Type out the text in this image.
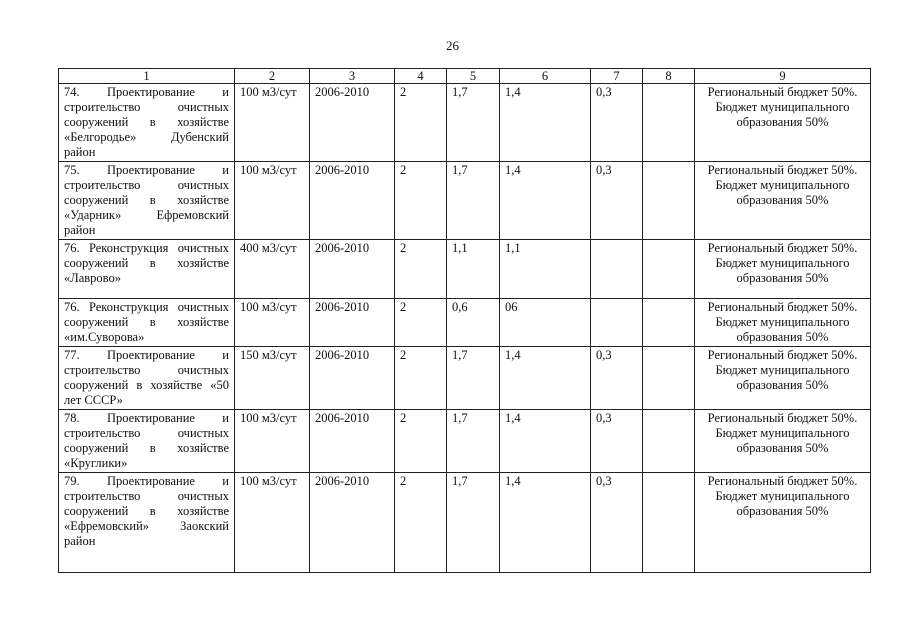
26
1	2	3	4	5	6	7	8	9
74. Проектирование и строительство очистных сооружений в хозяйстве «Белгородье» Дубенский район	100 м3/сут	2006-2010	2	1,7	1,4	0,3		Региональный бюджет 50%.
Бюджет муниципального
образования 50%

75. Проектирование и строительство очистных сооружений в хозяйстве «Ударник» Ефремовский район	100 м3/сут	2006-2010	2	1,7	1,4	0,3		Региональный бюджет 50%.
Бюджет муниципального
образования 50%

76. Реконструкция очистных сооружений в хозяйстве «Лаврово»	400 м3/сут	2006-2010	2	1,1	1,1			Региональный бюджет 50%.
Бюджет муниципального
образования 50%

76. Реконструкция очистных сооружений в хозяйстве «им.Суворова»	100 м3/сут	2006-2010	2	0,6	06			Региональный бюджет 50%.
Бюджет муниципального
образования 50%

77. Проектирование и строительство очистных сооружений в хозяйстве «50 лет СССР»	150 м3/сут	2006-2010	2	1,7	1,4	0,3		Региональный бюджет 50%.
Бюджет муниципального
образования 50%

78. Проектирование и строительство очистных сооружений в хозяйстве «Круглики»	100 м3/сут	2006-2010	2	1,7	1,4	0,3		Региональный бюджет 50%.
Бюджет муниципального
образования 50%

79. Проектирование и строительство очистных сооружений в хозяйстве «Ефремовский» Заокский район	100 м3/сут	2006-2010	2	1,7	1,4	0,3		Региональный бюджет 50%.
Бюджет муниципального
образования 50%
